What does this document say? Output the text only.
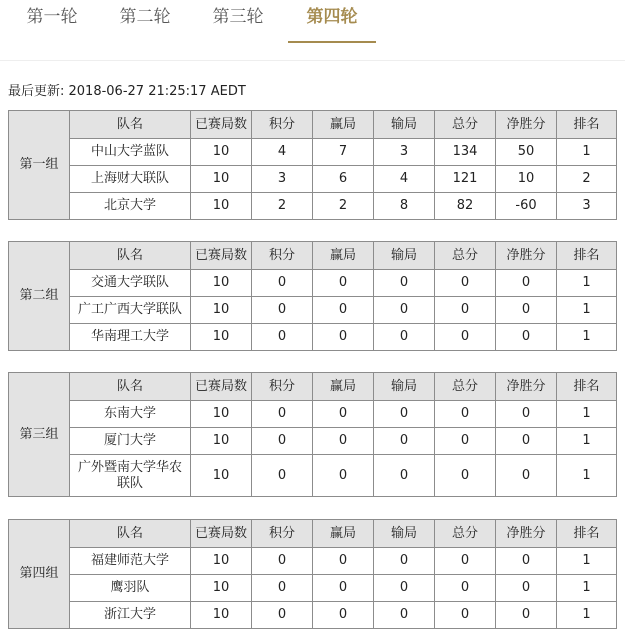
第一轮	第二轮	第三轮	第四轮
最后更新: 2018-06-27 21:25:17 AEDT
第一组	队名	已赛局数	积分	赢局	输局	总分	净胜分	排名
	中山大学蓝队	10	4	7	3	134	50	1
	上海财大联队	10	3	6	4	121	10	2
	北京大学	10	2	2	8	82	-60	3
第二组	队名	已赛局数	积分	赢局	输局	总分	净胜分	排名
	交通大学联队	10	0	0	0	0	0	1
	广工广西大学联队	10	0	0	0	0	0	1
	华南理工大学	10	0	0	0	0	0	1
第三组	队名	已赛局数	积分	赢局	输局	总分	净胜分	排名
	东南大学	10	0	0	0	0	0	1
	厦门大学	10	0	0	0	0	0	1
	广外暨南大学华农联队	10	0	0	0	0	0	1
第四组	队名	已赛局数	积分	赢局	输局	总分	净胜分	排名
	福建师范大学	10	0	0	0	0	0	1
	鹰羽队	10	0	0	0	0	0	1
	浙江大学	10	0	0	0	0	0	1
